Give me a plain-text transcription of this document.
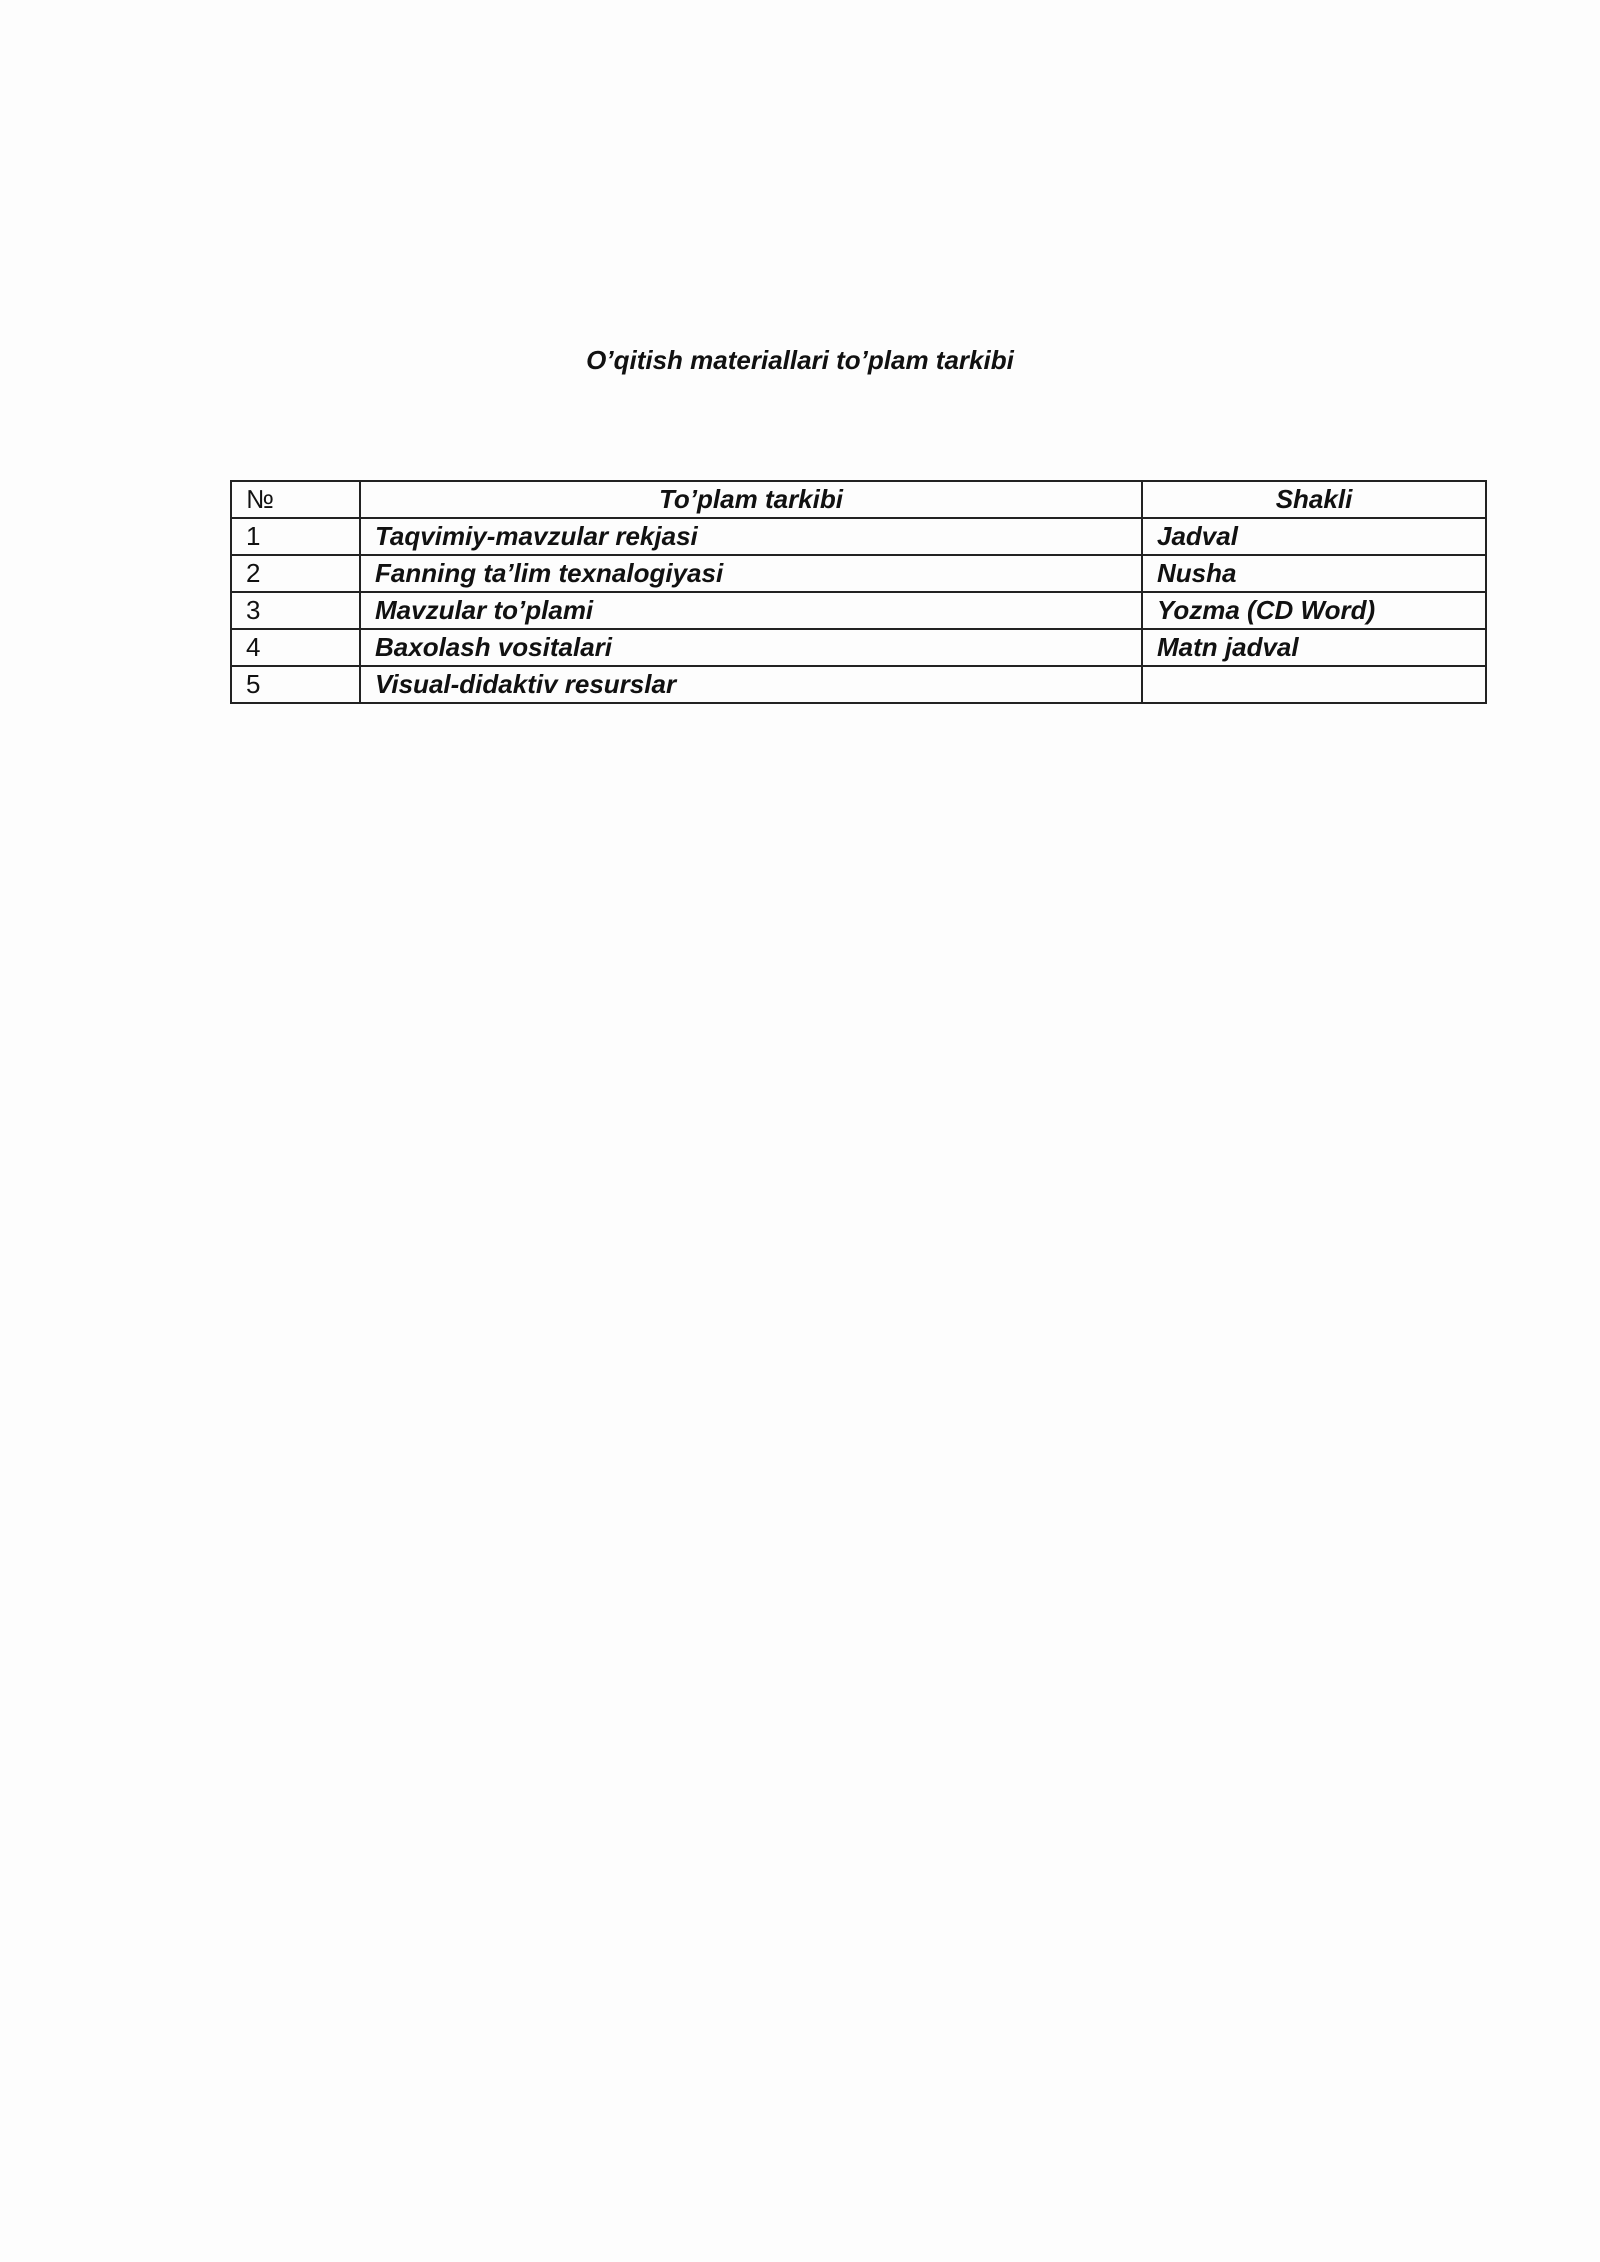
O’qitish materiallari to’plam tarkibi
№	To’plam tarkibi	Shakli
1	Taqvimiy-mavzular rekjasi	Jadval
2	Fanning ta’lim texnalogiyasi	Nusha
3	Mavzular to’plami	Yozma (CD Word)
4	Baxolash vositalari	Matn jadval
5	Visual-didaktiv resurslar	
